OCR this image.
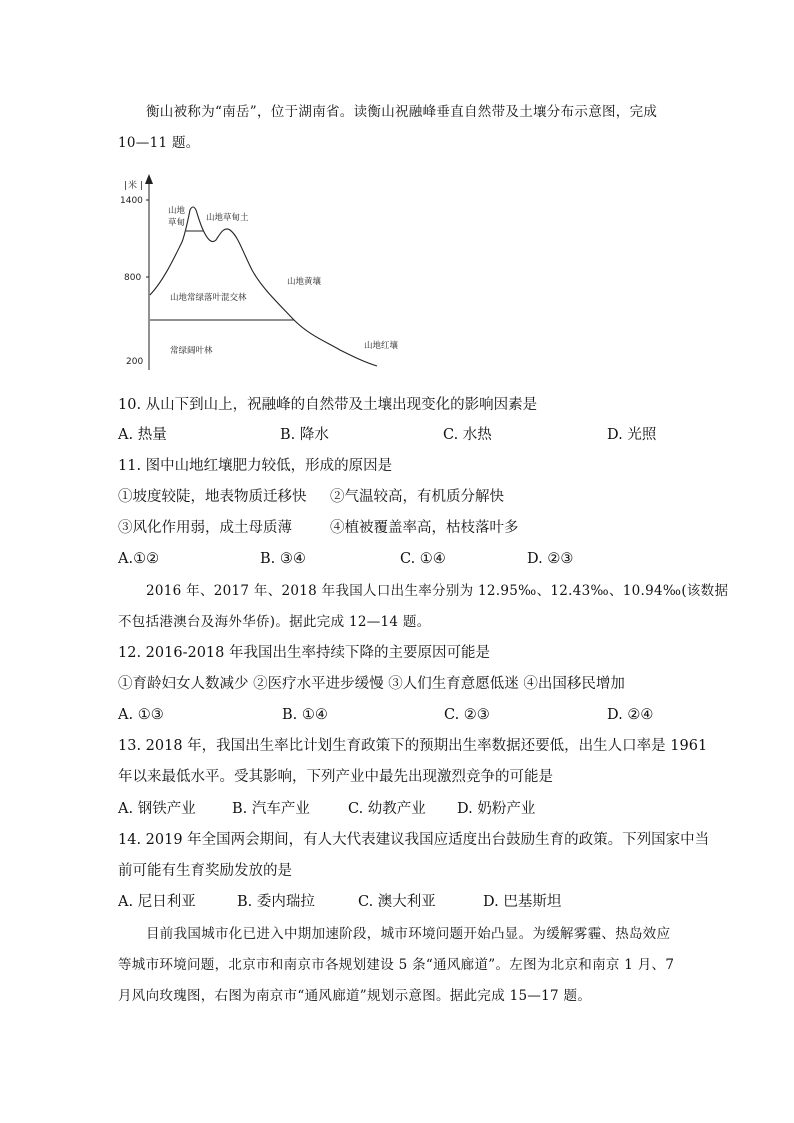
衡山被称为“南岳”，位于湖南省。读衡山祝融峰垂直自然带及土壤分布示意图，完成
10—11 题。
| 米 |
1400
800
200
山地
草甸 山地草甸土
山地黄壤
山地常绿落叶混交林
常绿阔叶林	山地红壤
10. 从山下到山上，祝融峰的自然带及土壤出现变化的影响因素是
A. 热量	B. 降水	C. 水热	D. 光照
11. 图中山地红壤肥力较低，形成的原因是
①坡度较陡，地表物质迁移快 ②气温较高，有机质分解快
③风化作用弱，成土母质薄	④植被覆盖率高，枯枝落叶多
A.①②	B. ③④	C. ①④	D. ②③
2016 年、2017 年、2018 年我国人口出生率分别为 12.95‰、12.43‰、10.94‰(该数据
不包括港澳台及海外华侨)。据此完成 12—14 题。
12. 2016-2018 年我国出生率持续下降的主要原因可能是
①育龄妇女人数减少 ②医疗水平进步缓慢 ③人们生育意愿低迷 ④出国移民增加
A. ①③	B. ①④	C. ②③	D. ②④
13. 2018 年，我国出生率比计划生育政策下的预期出生率数据还要低，出生人口率是 1961
年以来最低水平。受其影响，下列产业中最先出现激烈竞争的可能是
A. 钢铁产业	B. 汽车产业	C. 幼教产业 D. 奶粉产业
14. 2019 年全国两会期间，有人大代表建议我国应适度出台鼓励生育的政策。下列国家中当
前可能有生育奖励发放的是
A. 尼日利亚	B. 委内瑞拉	C. 澳大利亚	D. 巴基斯坦
目前我国城市化已进入中期加速阶段，城市环境问题开始凸显。为缓解雾霾、热岛效应
等城市环境问题，北京市和南京市各规划建设 5 条“通风廊道”。左图为北京和南京 1 月、7
月风向玫瑰图，右图为南京市“通风廊道”规划示意图。据此完成 15—17 题。
